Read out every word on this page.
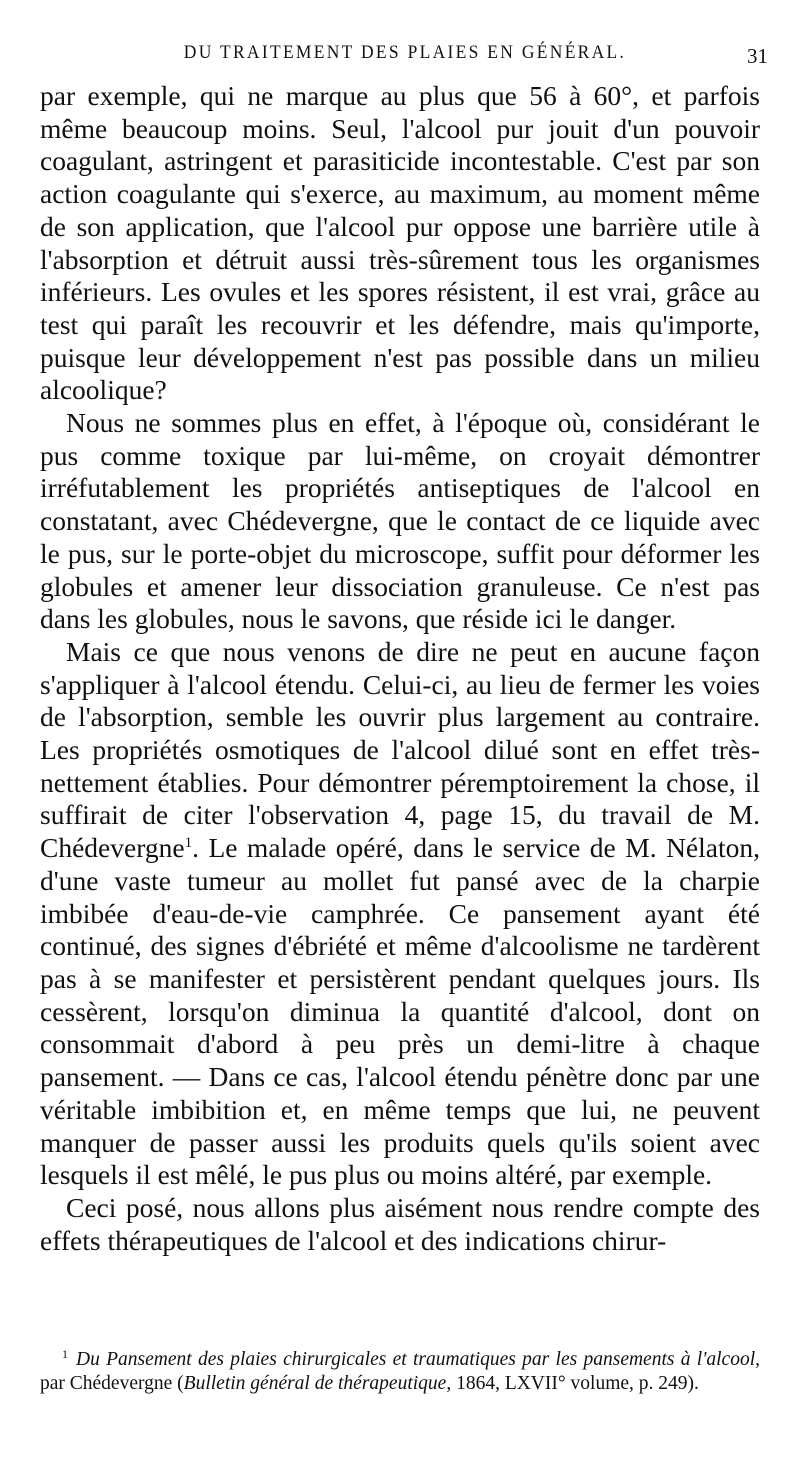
DU TRAITEMENT DES PLAIES EN GÉNÉRAL.	31

par exemple, qui ne marque au plus que 56 à 60°, et parfois même beaucoup moins. Seul, l'alcool pur jouit d'un pouvoir coagulant, astringent et parasiticide incontestable. C'est par son action coagulante qui s'exerce, au maximum, au moment même de son application, que l'alcool pur oppose une barrière utile à l'absorption et détruit aussi très-sûrement tous les organismes inférieurs. Les ovules et les spores résistent, il est vrai, grâce au test qui paraît les recouvrir et les défendre, mais qu'importe, puisque leur développement n'est pas possible dans un milieu alcoolique?

Nous ne sommes plus en effet, à l'époque où, considérant le pus comme toxique par lui-même, on croyait démontrer irréfutablement les propriétés antiseptiques de l'alcool en constatant, avec Chédevergne, que le contact de ce liquide avec le pus, sur le porte-objet du microscope, suffit pour déformer les globules et amener leur dissociation granuleuse. Ce n'est pas dans les globules, nous le savons, que réside ici le danger.

Mais ce que nous venons de dire ne peut en aucune façon s'appliquer à l'alcool étendu. Celui-ci, au lieu de fermer les voies de l'absorption, semble les ouvrir plus largement au contraire. Les propriétés osmotiques de l'alcool dilué sont en effet très-nettement établies. Pour démontrer péremptoirement la chose, il suffirait de citer l'observation 4, page 15, du travail de M. Chédevergne$^1$. Le malade opéré, dans le service de M. Nélaton, d'une vaste tumeur au mollet fut pansé avec de la charpie imbibée d'eau-de-vie camphrée. Ce pansement ayant été continué, des signes d'ébriété et même d'alcoolisme ne tardèrent pas à se manifester et persistèrent pendant quelques jours. Ils cessèrent, lorsqu'on diminua la quantité d'alcool, dont on consommait d'abord à peu près un demi-litre à chaque pansement. — Dans ce cas, l'alcool étendu pénètre donc par une véritable imbibition et, en même temps que lui, ne peuvent manquer de passer aussi les produits quels qu'ils soient avec lesquels il est mêlé, le pus plus ou moins altéré, par exemple.

Ceci posé, nous allons plus aisément nous rendre compte des effets thérapeutiques de l'alcool et des indications chirur-

$^1$ Du Pansement des plaies chirurgicales et traumatiques par les pansements à l'alcool, par Chédevergne (Bulletin général de thérapeutique, 1864, LXVII° volume, p. 249).
